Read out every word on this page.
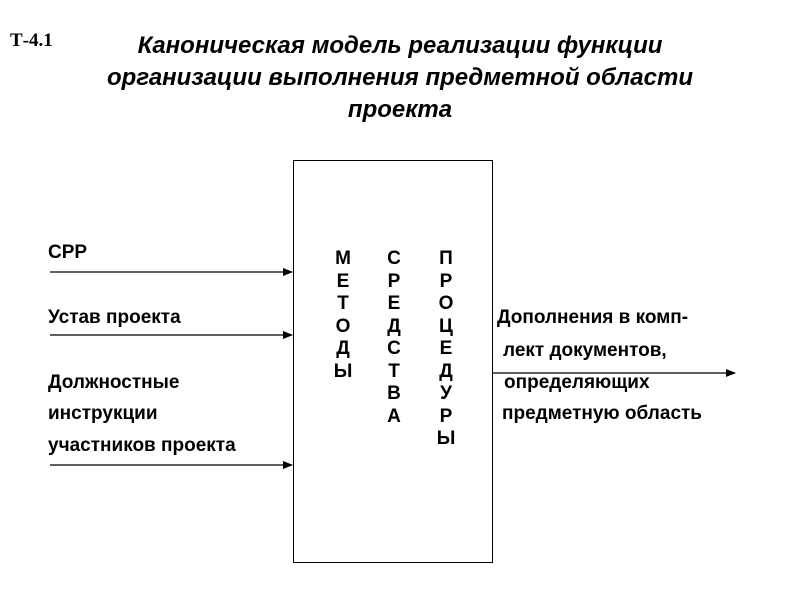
Т-4.1	Каноническая модель реализации функции
организации выполнения предметной области
проекта
М
Е
Т
О
Д
Ы
С
Р
Е
Д
С
Т
В
А
П
Р
О
Ц
Е
Д
У
Р
Ы
СРР
Устав проекта
Должностные
инструкции
участников проекта
Дополнения в комп-
лект документов,
определяющих
предметную область
